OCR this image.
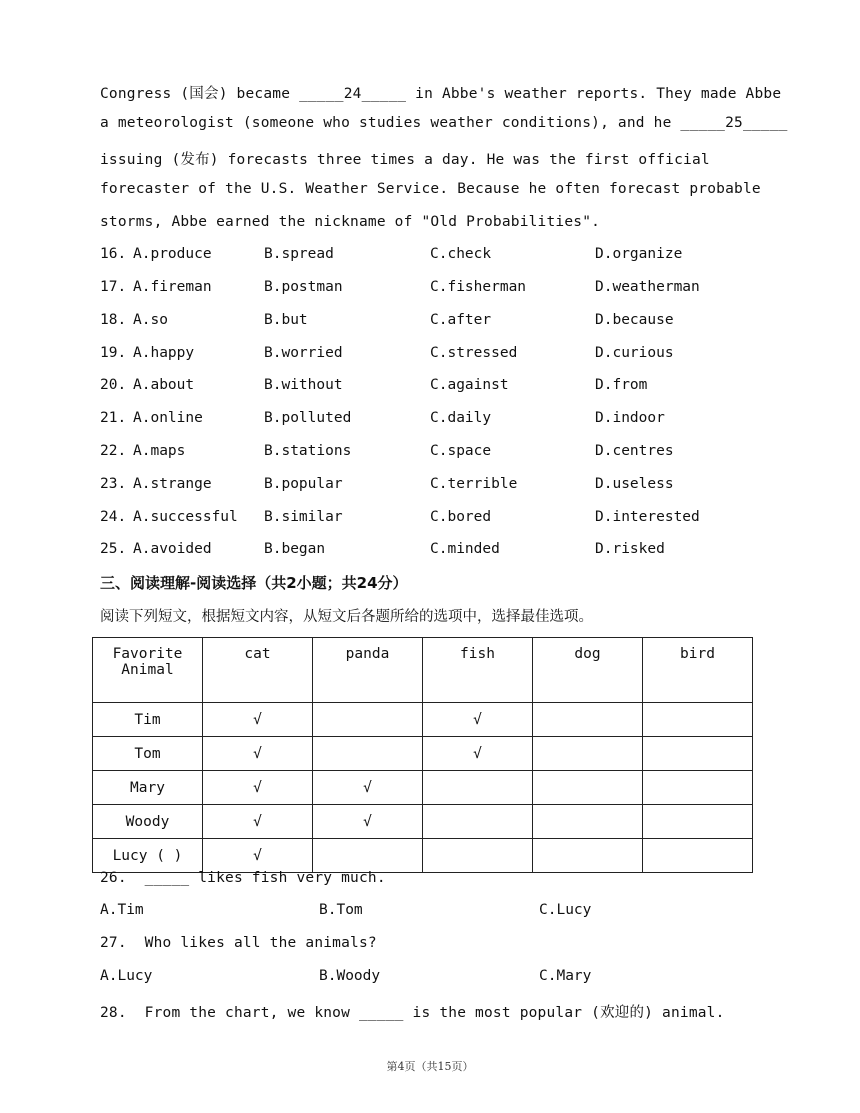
Congress (国会) became _____24_____ in Abbe's weather reports. They made Abbe
a meteorologist (someone who studies weather conditions), and he _____25_____
issuing (发布) forecasts three times a day. He was the first official
forecaster of the U.S. Weather Service. Because he often forecast probable
storms, Abbe earned the nickname of "Old Probabilities".
16. A.produce	B.spread	C.check	D.organize
17. A.fireman	B.postman	C.fisherman	D.weatherman
18. A.so	B.but	C.after	D.because
19. A.happy	B.worried	C.stressed	D.curious
20. A.about	B.without	C.against	D.from
21. A.online	B.polluted	C.daily	D.indoor
22. A.maps	B.stations	C.space	D.centres
23. A.strange	B.popular	C.terrible	D.useless
24. A.successful B.similar	C.bored	D.interested
25. A.avoided	B.began	C.minded	D.risked
三、阅读理解-阅读选择（共2小题；共24分）
阅读下列短文，根据短文内容，从短文后各题所给的选项中，选择最佳选项。
Favorite
Animal	cat	panda	fish	dog	bird
Tim	√		√		
Tom	√		√		
Mary	√	√			
Woody	√	√			
Lucy ( )	√				
26.  _____ likes fish very much.
A.Tim	B.Tom	C.Lucy
27.  Who likes all the animals?
A.Lucy	B.Woody	C.Mary
28.  From the chart, we know _____ is the most popular (欢迎的) animal.
第4页（共15页）
